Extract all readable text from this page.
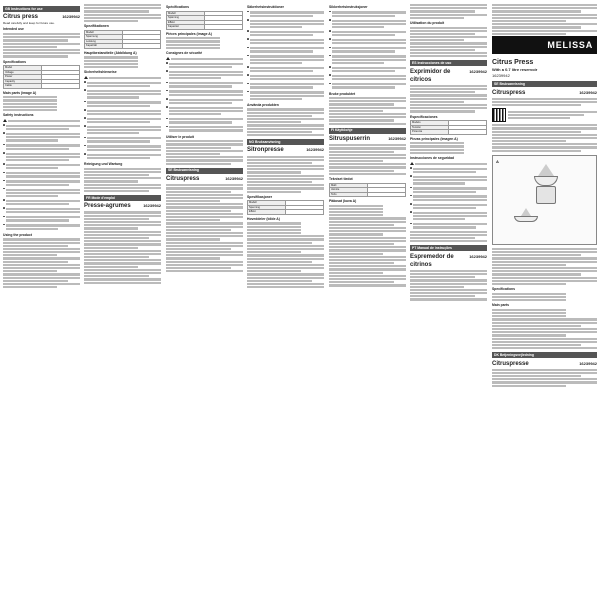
GB Instructions for use
Citrus press	16239942
Read carefully and keep for future use.
Intended use
Specifications
Model	
Voltage	
Power	
Capacity	
Cable	
Main parts (image A)
Safety instructions
Using the product
Spezifikationen
Modell	
Spannung	
Leistung	
Kapazität	
Hauptbestandteile (Abbildung A)
Sicherheitshinweise
Reinigung und Wartung
FR Mode d'emploi
Presse-agrumes	16239942
Spécifications
Modell	
Spänning	
Effekt	
Kapacitet	
Pièces principales (image A)
Consignes de sécurité
Utiliser le produit
SE Bruksanvisning
Citruspress	16239942
Säkerhetsinstruktioner
Använda produkten
NO Bruksanvisning
Sitronpresse	16239942
Spesifikasjoner
Modell	
Spenning	
Effekt	
Hoveddeler (bilde A)
Sikkerhetsinstruksjoner
Bruke produktet
FI Käyttöohje
Sitruspuserrin	16239942
Tekniset tiedot
Malli	
Jännite	
Teho	
Pääosat (kuva A)
Utilisation du produit
ES Instrucciones de uso
Exprimidor de cítricos
16239942
Especificaciones
Modelo	
Tensión	
Potencia	
Piezas principales (imagen A)
Instrucciones de seguridad
PT Manual de instruções
Espremedor de citrinos
16239942
MELISSA
Citrus Press
With a 0.7 litre reservoir
16239942
SE Bruksanvisning
Citruspress	16239942
A
Specifications
Main parts
DK Betjeningsvejledning
Citruspresse	16239942
